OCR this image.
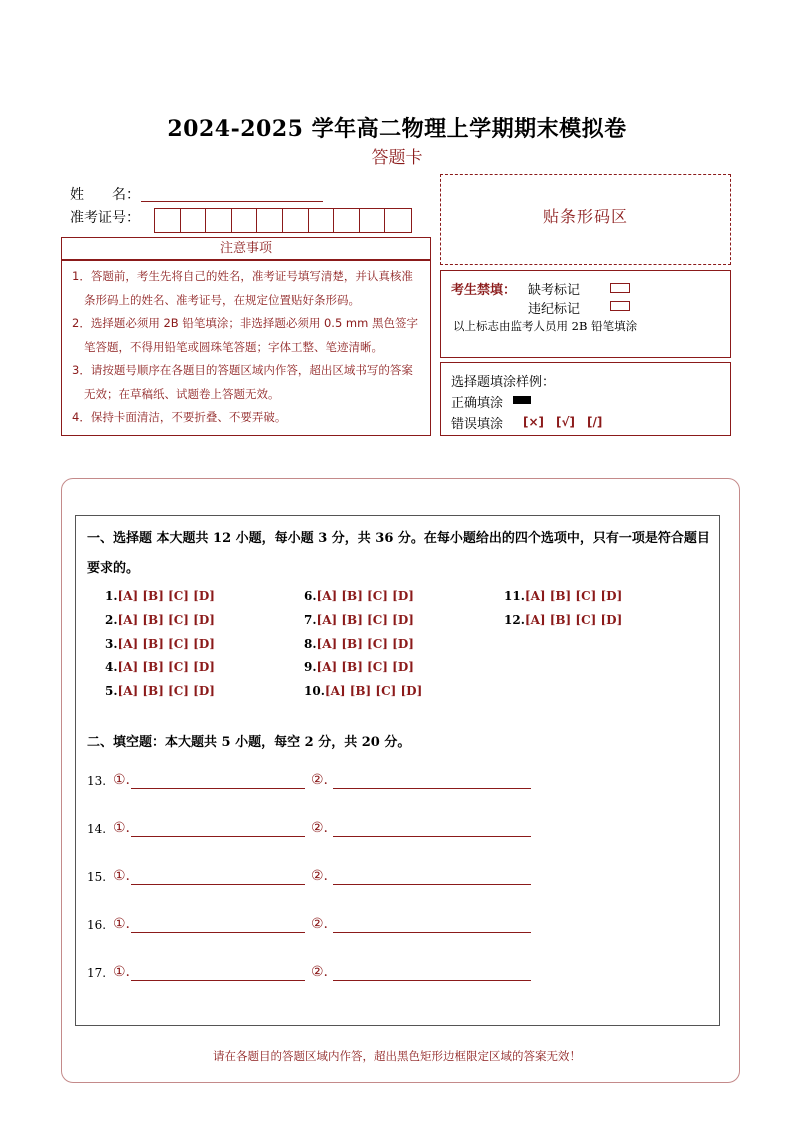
2024-2025 学年高二物理上学期期末模拟卷
答题卡
姓　　名：
准考证号：
注意事项
1．答题前，考生先将自己的姓名，准考证号填写清楚，并认真核准条形码上的姓名、准考证号，在规定位置贴好条形码。
2．选择题必须用 2B 铅笔填涂；非选择题必须用 0.5 mm 黑色签字笔答题，不得用铅笔或圆珠笔答题；字体工整、笔迹清晰。
3．请按题号顺序在各题目的答题区域内作答，超出区域书写的答案无效；在草稿纸、试题卷上答题无效。
4．保持卡面清洁，不要折叠、不要弄破。
贴条形码区
考生禁填： 缺考标记
违纪标记
以上标志由监考人员用 2B 铅笔填涂
选择题填涂样例：
正确填涂
错误填涂 [×]　[√]　[/]
一、选择题 本大题共 12 小题，每小题 3 分，共 36 分。在每小题给出的四个选项中，只有一项是符合题目要求的。
1.[A] [B] [C] [D]
2.[A] [B] [C] [D]
3.[A] [B] [C] [D]
4.[A] [B] [C] [D]
5.[A] [B] [C] [D]
6.[A] [B] [C] [D]
7.[A] [B] [C] [D]
8.[A] [B] [C] [D]
9.[A] [B] [C] [D]
10.[A] [B] [C] [D]
11.[A] [B] [C] [D]
12.[A] [B] [C] [D]
二、填空题：本大题共 5 小题，每空 2 分，共 20 分。
13. ①.	②.
14. ①.	②.
15. ①.	②.
16. ①.	②.
17. ①.	②.
请在各题目的答题区域内作答，超出黑色矩形边框限定区域的答案无效！
